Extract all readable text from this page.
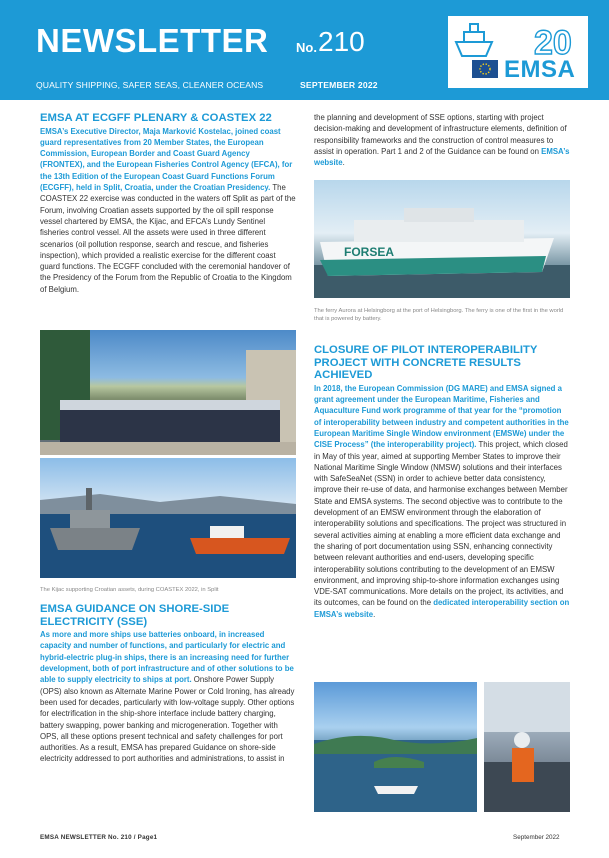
NEWSLETTER No. 210
QUALITY SHIPPING, SAFER SEAS, CLEANER OCEANS	SEPTEMBER 2022
20
EMSA
EMSA AT ECGFF PLENARY & COASTEX 22

EMSA’s Executive Director, Maja Marković Kostelac, joined coast guard representatives from 20 Member States, the European Commission, European Border and Coast Guard Agency (FRONTEX), and the European Fisheries Control Agency (EFCA), for the 13th Edition of the European Coast Guard Functions Forum (ECGFF), held in Split, Croatia, under the Croatian Presidency. The COASTEX 22 exercise was conducted in the waters off Split as part of the Forum, involving Croatian assets supported by the oil spill response vessel chartered by EMSA, the Kijac, and EFCA’s Lundy Sentinel fisheries control vessel. All the assets were used in three different scenarios (oil pollution response, search and rescue, and fisheries inspection), which provided a realistic exercise for the different coast guard functions. The ECGFF concluded with the ceremonial handover of the Presidency of the Forum from the Republic of Croatia to the Kingdom of Belgium.

The Kijac supporting Croatian assets, during COASTEX 2022, in Split
EMSA GUIDANCE ON SHORE-SIDE ELECTRICITY (SSE)

As more and more ships use batteries onboard, in increased capacity and number of functions, and particularly for electric and hybrid-electric plug-in ships, there is an increasing need for further development, both of port infrastructure and of other solutions to be able to supply electricity to ships at port. Onshore Power Supply (OPS) also known as Alternate Marine Power or Cold Ironing, has already been used for decades, particularly with low-voltage supply. Other options for electrification in the ship-shore interface include battery charging, battery swapping, power banking and microgeneration. Together with OPS, all these options present technical and safety challenges for port authorities. As a result, EMSA has prepared Guidance on shore-side electricity addressed to port authorities and administrations, to assist in

the planning and development of SSE options, starting with project decision-making and development of infrastructure elements, definition of responsibility frameworks and the construction of control measures to assist in operation. Part 1 and 2 of the Guidance can be found on EMSA’s website.

FORSEA
The ferry Aurora at Helsingborg at the port of Helsingborg. The ferry is one of the first in the world that is powered by battery.
CLOSURE OF PILOT INTEROPERABILITY PROJECT WITH CONCRETE RESULTS ACHIEVED

In 2018, the European Commission (DG MARE) and EMSA signed a grant agreement under the European Maritime, Fisheries and Aquaculture Fund work programme of that year for the “promotion of interoperability between industry and competent authorities in the European Maritime Single Window environment (EMSWe) under the CISE Process” (the interoperability project). This project, which closed in May of this year, aimed at supporting Member States to improve their National Maritime Single Window (NMSW) solutions and their interfaces with SafeSeaNet (SSN) in order to achieve better data consistency, improve their re-use of data, and harmonise exchanges between Member State and EMSA systems. The second objective was to contribute to the development of an EMSW environment through the elaboration of interoperability solutions and specifications. The project was structured in several activities aiming at enabling a more efficient data exchange and the sharing of port documentation using SSN, enhancing connectivity between relevant authorities and end-users, developing specific interoperability solutions contributing to the development of an EMSW environment, and improving ship-to-shore information exchanges using VDE-SAT communications. More details on the project, its activities, and its outcomes, can be found on the dedicated interoperability section on EMSA’s website.

EMSA NEWSLETTER No. 210 / Page1	September 2022
